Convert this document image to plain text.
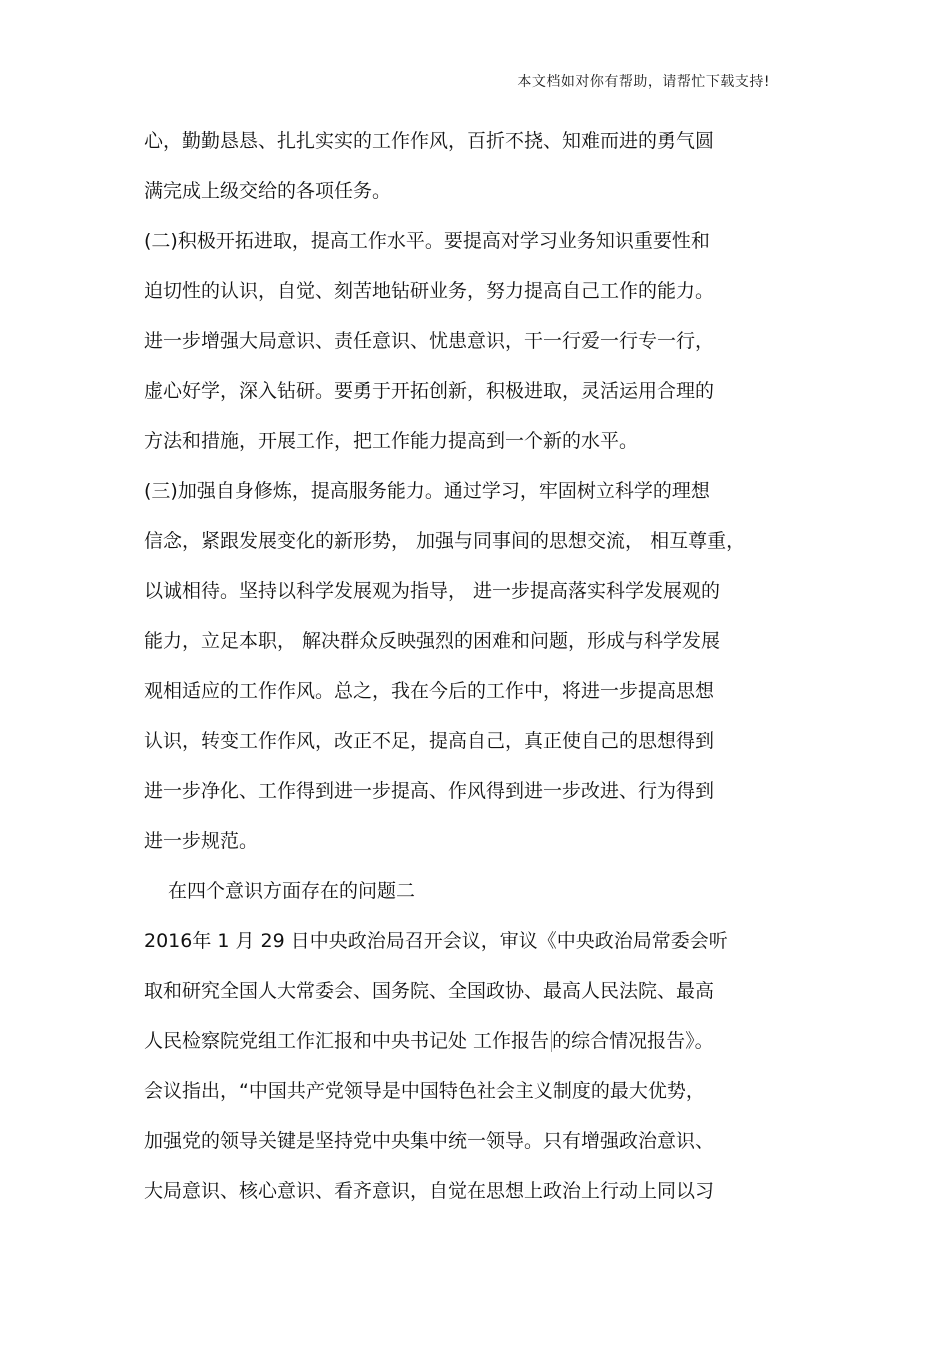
本文档如对你有帮助，请帮忙下载支持!
心，勤勤恳恳、扎扎实实的工作作风，百折不挠、知难而进的勇气圆
满完成上级交给的各项任务。
(二)积极开拓进取，提高工作水平。要提高对学习业务知识重要性和
迫切性的认识，自觉、刻苦地钻研业务，努力提高自己工作的能力。
进一步增强大局意识、责任意识、忧患意识，干一行爱一行专一行，
虚心好学，深入钻研。要勇于开拓创新，积极进取，灵活运用合理的
方法和措施，开展工作，把工作能力提高到一个新的水平。
(三)加强自身修炼，提高服务能力。通过学习，牢固树立科学的理想
信念，紧跟发展变化的新形势， 加强与同事间的思想交流， 相互尊重，
以诚相待。坚持以科学发展观为指导， 进一步提高落实科学发展观的
能力，立足本职， 解决群众反映强烈的困难和问题，形成与科学发展
观相适应的工作作风。总之，我在今后的工作中，将进一步提高思想
认识，转变工作作风，改正不足，提高自己，真正使自己的思想得到
进一步净化、工作得到进一步提高、作风得到进一步改进、行为得到
进一步规范。
在四个意识方面存在的问题二
2016年 1 月 29 日中央政治局召开会议，审议《中央政治局常委会听
取和研究全国人大常委会、国务院、全国政协、最高人民法院、最高
人民检察院党组工作汇报和中央书记处 工作报告 的综合情况报告》。
会议指出，“中国共产党领导是中国特色社会主义制度的最大优势，
加强党的领导关键是坚持党中央集中统一领导。只有增强政治意识、
大局意识、核心意识、看齐意识，自觉在思想上政治上行动上同以习
